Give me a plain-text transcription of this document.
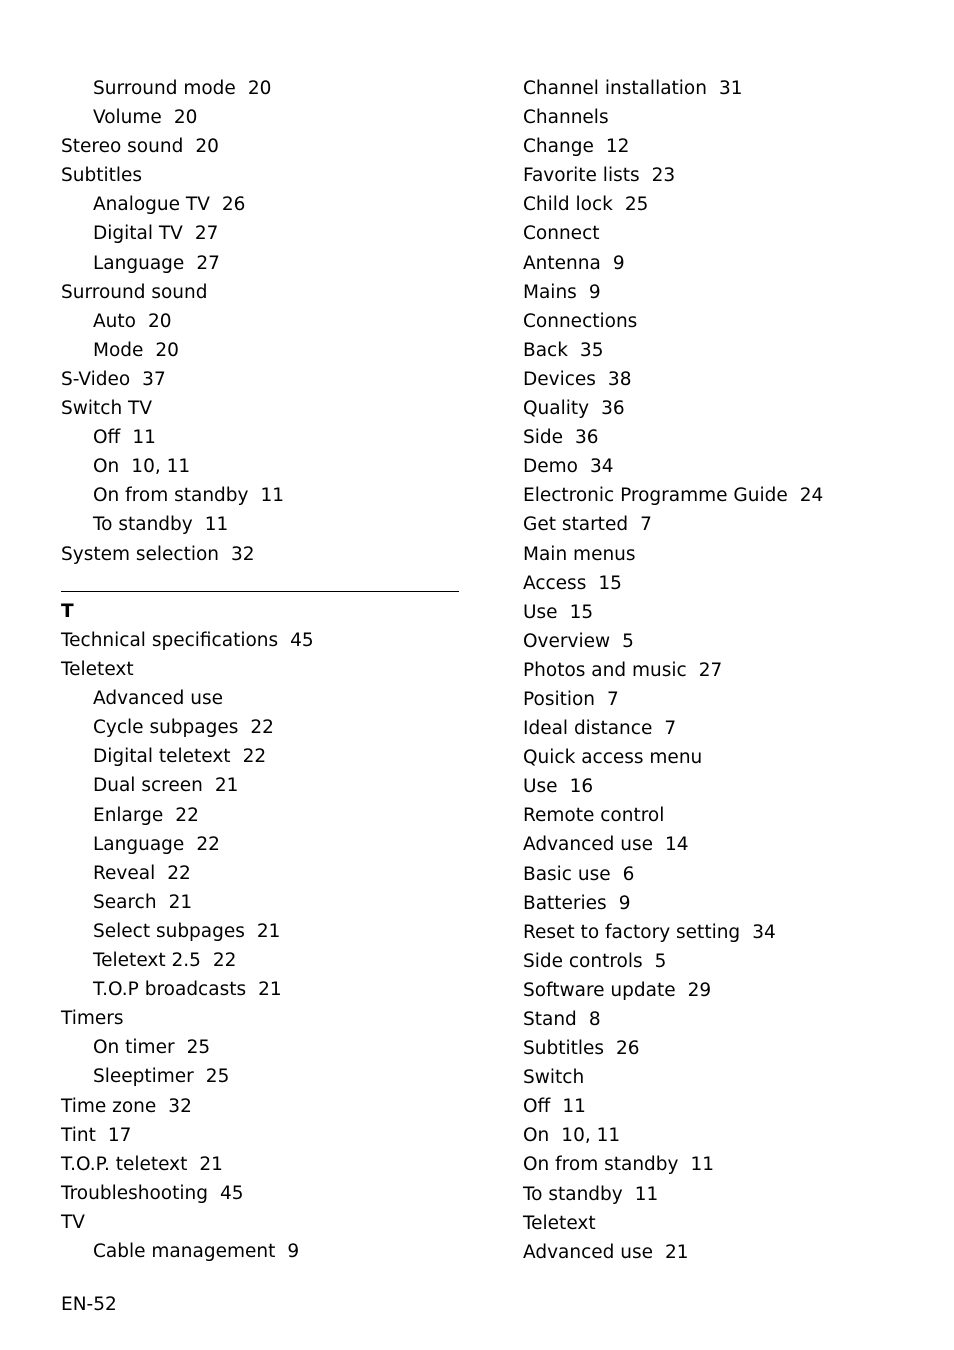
Surround mode 20
Volume 20
Stereo sound 20
Subtitles
Analogue TV 26
Digital TV 27
Language 27
Surround sound
Auto 20
Mode 20
S-Video 37
Switch TV
Off 11
On 10, 11
On from standby 11
To standby 11
System selection 32
T
Technical specifications 45
Teletext
Advanced use
Cycle subpages 22
Digital teletext 22
Dual screen 21
Enlarge 22
Language 22
Reveal 22
Search 21
Select subpages 21
Teletext 2.5 22
T.O.P broadcasts 21
Timers
On timer 25
Sleeptimer 25
Time zone 32
Tint 17
T.O.P. teletext 21
Troubleshooting 45
TV
Cable management 9
Channel installation 31
Channels
Change 12
Favorite lists 23
Child lock 25
Connect
Antenna 9
Mains 9
Connections
Back 35
Devices 38
Quality 36
Side 36
Demo 34
Electronic Programme Guide 24
Get started 7
Main menus
Access 15
Use 15
Overview 5
Photos and music 27
Position 7
Ideal distance 7
Quick access menu
Use 16
Remote control
Advanced use 14
Basic use 6
Batteries 9
Reset to factory setting 34
Side controls 5
Software update 29
Stand 8
Subtitles 26
Switch
Off 11
On 10, 11
On from standby 11
To standby 11
Teletext
Advanced use 21
EN-52
